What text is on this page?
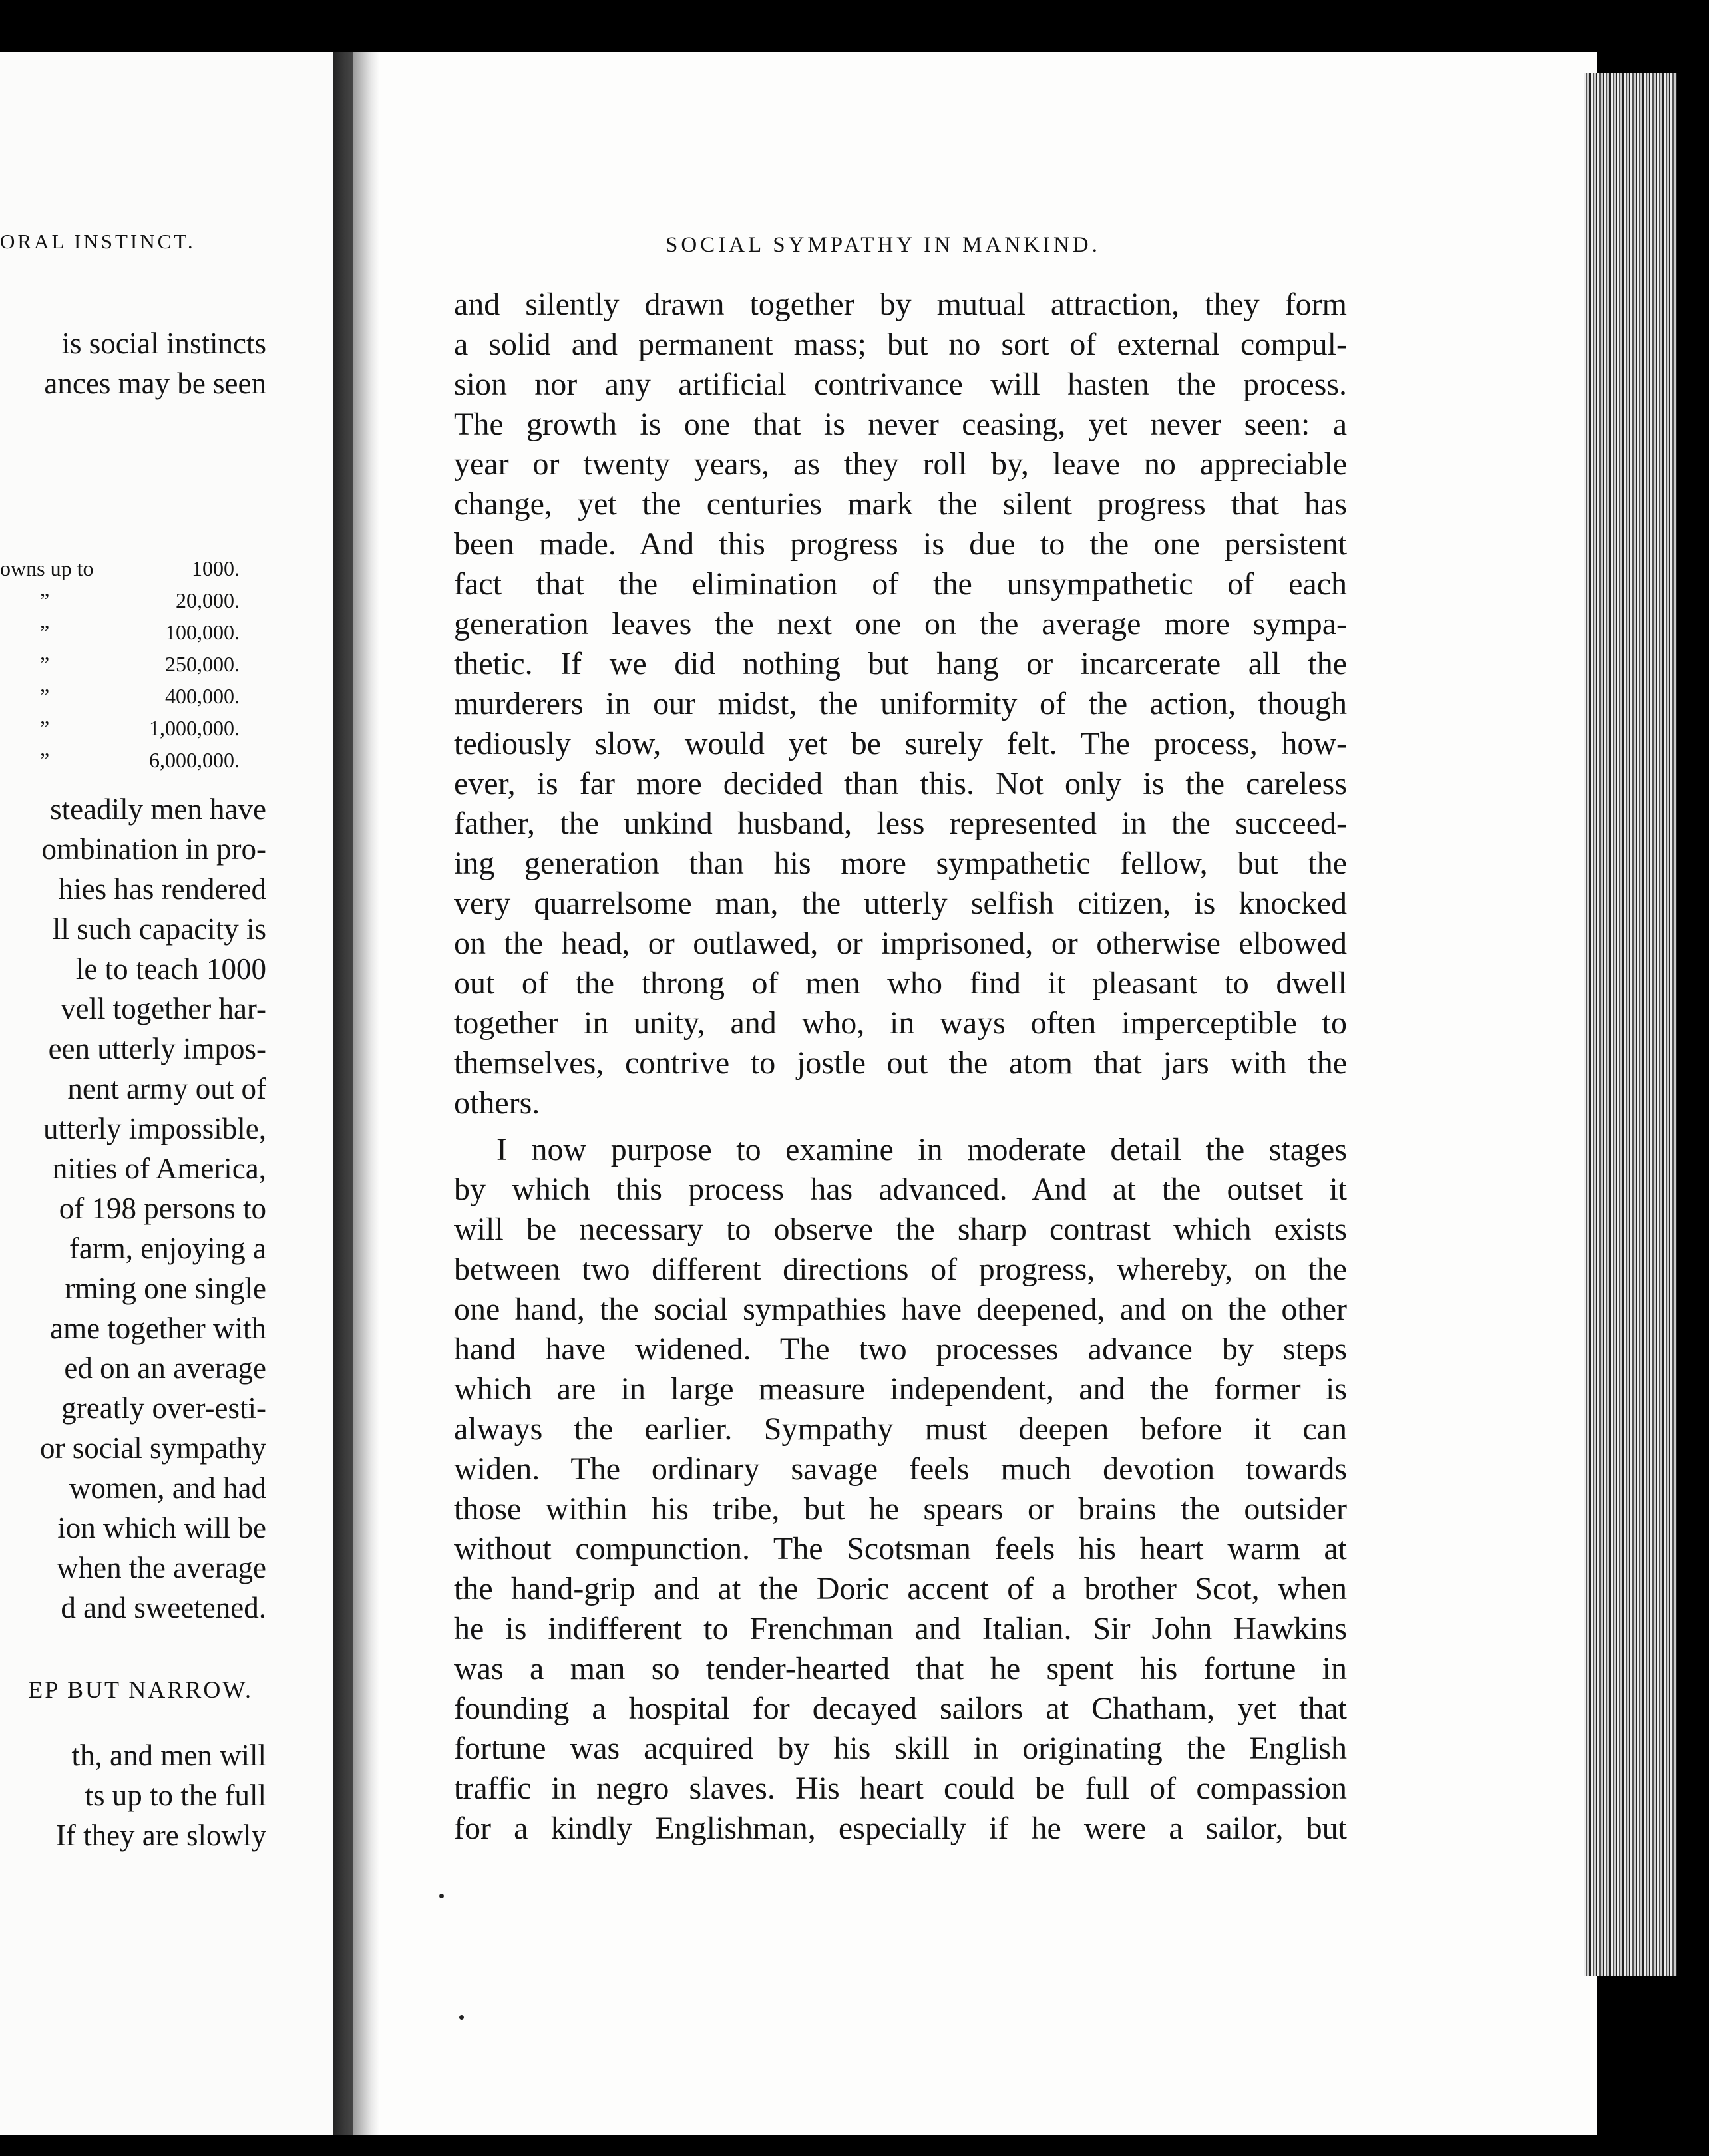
ORAL INSTINCT.
is social instincts
ances may be seen
owns up to	1000.
”	20,000.
”	100,000.
”	250,000.
”	400,000.
”	1,000,000.
”	6,000,000.
steadily men have
ombination in pro-
hies has rendered
ll such capacity is
le to teach 1000
vell together har-
een utterly impos-
nent army out of
utterly impossible,
nities of America,
of 198 persons to
farm, enjoying a
rming one single
ame together with
ed on an average
greatly over-esti-
or social sympathy
women, and had
ion which will be
when the average
d and sweetened.
EP BUT NARROW.
th, and men will
ts up to the full
If they are slowly
SOCIAL SYMPATHY IN MANKIND.
and silently drawn together by mutual attraction, they form
a solid and permanent mass; but no sort of external compul-
sion nor any artificial contrivance will hasten the process.
The growth is one that is never ceasing, yet never seen: a
year or twenty years, as they roll by, leave no appreciable
change, yet the centuries mark the silent progress that has
been made. And this progress is due to the one persistent
fact that the elimination of the unsympathetic of each
generation leaves the next one on the average more sympa-
thetic. If we did nothing but hang or incarcerate all the
murderers in our midst, the uniformity of the action, though
tediously slow, would yet be surely felt. The process, how-
ever, is far more decided than this. Not only is the careless
father, the unkind husband, less represented in the succeed-
ing generation than his more sympathetic fellow, but the
very quarrelsome man, the utterly selfish citizen, is knocked
on the head, or outlawed, or imprisoned, or otherwise elbowed
out of the throng of men who find it pleasant to dwell
together in unity, and who, in ways often imperceptible to
themselves, contrive to jostle out the atom that jars with the
others.
I now purpose to examine in moderate detail the stages
by which this process has advanced. And at the outset it
will be necessary to observe the sharp contrast which exists
between two different directions of progress, whereby, on the
one hand, the social sympathies have deepened, and on the other
hand have widened. The two processes advance by steps
which are in large measure independent, and the former is
always the earlier. Sympathy must deepen before it can
widen. The ordinary savage feels much devotion towards
those within his tribe, but he spears or brains the outsider
without compunction. The Scotsman feels his heart warm at
the hand-grip and at the Doric accent of a brother Scot, when
he is indifferent to Frenchman and Italian. Sir John Hawkins
was a man so tender-hearted that he spent his fortune in
founding a hospital for decayed sailors at Chatham, yet that
fortune was acquired by his skill in originating the English
traffic in negro slaves. His heart could be full of compassion
for a kindly Englishman, especially if he were a sailor, but
